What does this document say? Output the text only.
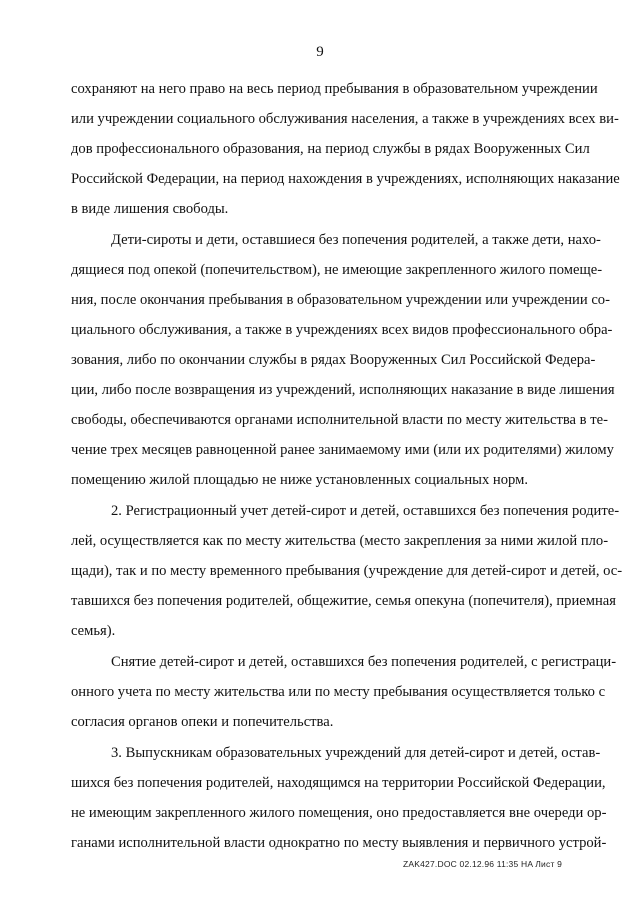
9
сохраняют на него право на весь период пребывания в образовательном учреждении
или учреждении социального обслуживания населения, а также в учреждениях всех ви-
дов профессионального образования, на период службы в рядах Вооруженных Сил
Российской Федерации, на период нахождения в учреждениях, исполняющих наказание
в виде лишения свободы.
Дети-сироты и дети, оставшиеся без попечения родителей, а также дети, нахо-
дящиеся под опекой (попечительством), не имеющие закрепленного жилого помеще-
ния, после окончания пребывания в образовательном учреждении или учреждении со-
циального обслуживания, а также в учреждениях всех видов профессионального обра-
зования, либо по окончании службы в рядах Вооруженных Сил Российской Федера-
ции, либо после возвращения из учреждений, исполняющих наказание в виде лишения
свободы, обеспечиваются органами исполнительной власти по месту жительства в те-
чение трех месяцев равноценной ранее занимаемому ими (или их родителями) жилому
помещению жилой площадью не ниже установленных социальных норм.
2. Регистрационный учет детей-сирот и детей, оставшихся без попечения родите-
лей, осуществляется как по месту жительства (место закрепления за ними жилой пло-
щади), так и по месту временного пребывания (учреждение для детей-сирот и детей, ос-
тавшихся без попечения родителей, общежитие, семья опекуна (попечителя), приемная
семья).
Снятие детей-сирот и детей, оставшихся без попечения родителей, с регистраци-
онного учета по месту жительства или по месту пребывания осуществляется только с
согласия органов опеки и попечительства.
3. Выпускникам образовательных учреждений для детей-сирот и детей, остав-
шихся без попечения родителей, находящимся на территории Российской Федерации,
не имеющим закрепленного жилого помещения, оно предоставляется вне очереди ор-
ганами исполнительной власти однократно по месту выявления и первичного устрой-
ZAK427.DOC 02.12.96 11:35 HA Лист 9
